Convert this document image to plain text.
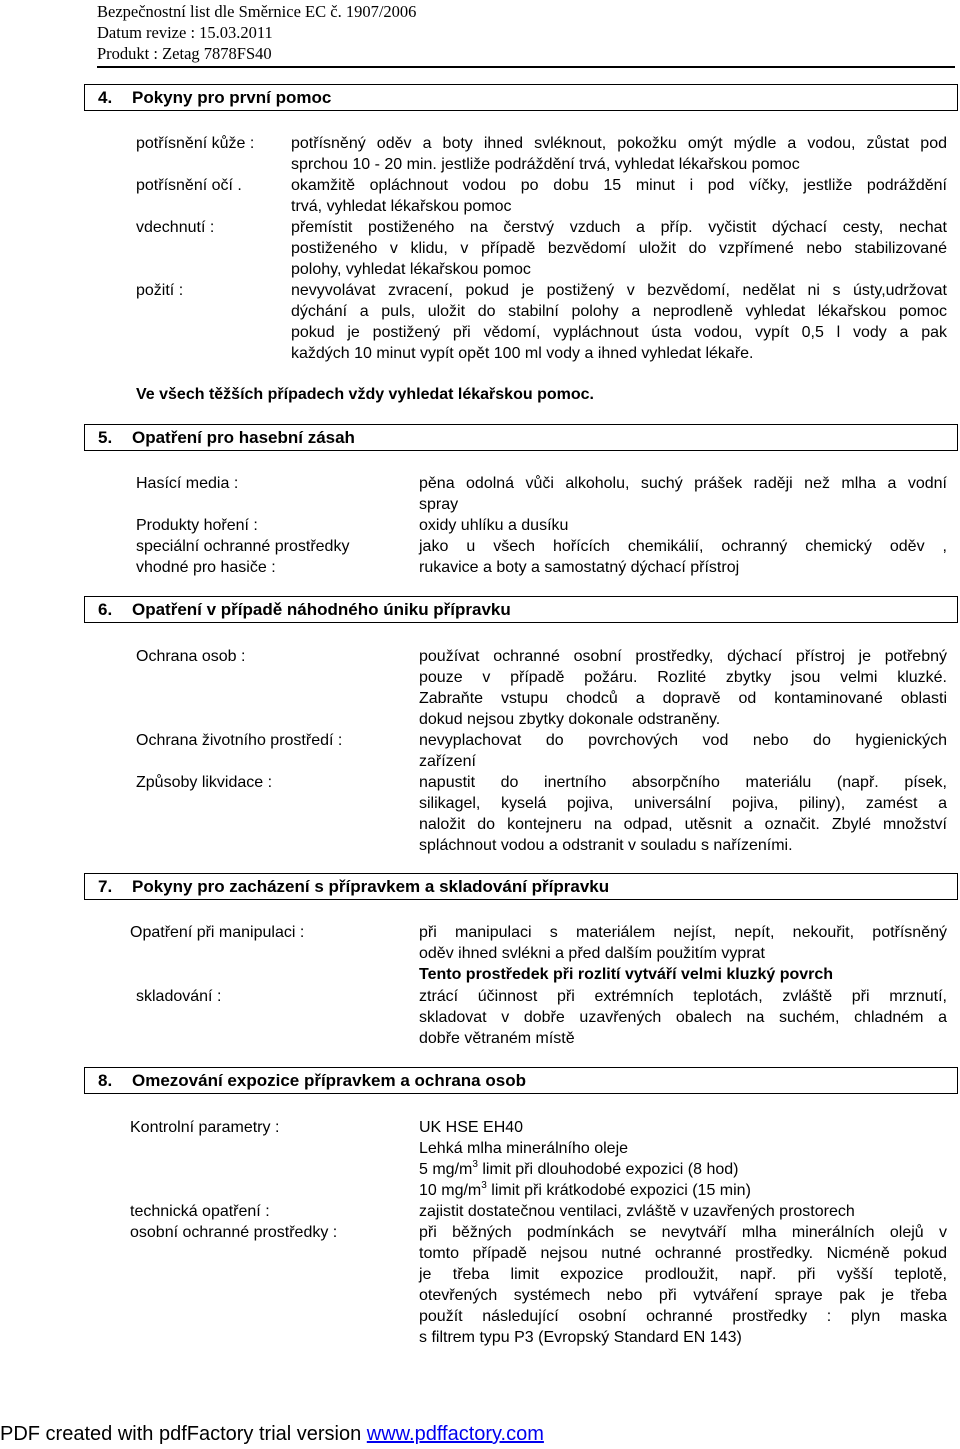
Bezpečnostní list dle Směrnice EC č. 1907/2006
Datum revize : 15.03.2011
Produkt : Zetag 7878FS40
4. Pokyny pro první pomoc
potřísnění kůže : potřísněný oděv a boty ihned svléknout, pokožku omýt mýdle a vodou, zůstat pod
sprchou 10 - 20 min. jestliže podráždění trvá, vyhledat lékařskou pomoc
potřísnění očí .	okamžitě opláchnout vodou po dobu 15 minut i pod víčky, jestliže podráždění
trvá, vyhledat lékařskou pomoc
vdechnutí :	přemístit postiženého na čerstvý vzduch a příp. vyčistit dýchací cesty, nechat
postiženého v klidu, v případě bezvědomí uložit do vzpřímené nebo stabilizované
polohy, vyhledat lékařskou pomoc
požití :	nevyvolávat zvracení, pokud je postižený v bezvědomí, nedělat ni s ústy,udržovat
dýchání a puls, uložit do stabilní polohy a neprodleně vyhledat lékařskou pomoc
pokud je postižený při vědomí, vypláchnout ústa vodou, vypít 0,5 l vody a pak
každých 10 minut vypít opět 100 ml vody a ihned vyhledat lékaře.
Ve všech těžších případech vždy vyhledat lékařskou pomoc.
5. Opatření pro hasební zásah
Hasící media :	pěna odolná vůči alkoholu, suchý prášek raději než mlha a vodní
spray
Produkty hoření :	oxidy uhlíku a dusíku
speciální ochranné prostředky	jako u všech hořících chemikálií, ochranný chemický oděv ,
vhodné pro hasiče :	rukavice a boty a samostatný dýchací přístroj
6. Opatření v případě náhodného úniku přípravku
Ochrana osob :	používat ochranné osobní prostředky, dýchací přístroj je potřebný
pouze v případě požáru. Rozlité zbytky jsou velmi kluzké.
Zabraňte vstupu chodců a dopravě od kontaminované oblasti
dokud nejsou zbytky dokonale odstraněny.
Ochrana životního prostředí :	nevyplachovat do povrchových vod nebo do hygienických
zařízení
Způsoby likvidace :	napustit do inertního absorpčního materiálu (např. písek,
silikagel, kyselá pojiva, universální pojiva, piliny), zamést a
naložit do kontejneru na odpad, utěsnit a označit. Zbylé množství
spláchnout vodou a odstranit v souladu s nařízeními.
7. Pokyny pro zacházení s přípravkem a skladování přípravku
Opatření při manipulaci :	při manipulaci s materiálem nejíst, nepít, nekouřit, potřísněný
oděv ihned svlékni a před dalším použitím vyprat
Tento prostředek při rozlití vytváří velmi kluzký povrch
skladování :	ztrácí účinnost při extrémních teplotách, zvláště při mrznutí,
skladovat v dobře uzavřených obalech na suchém, chladném a
dobře větraném místě
8. Omezování expozice přípravkem a ochrana osob
Kontrolní parametry :	UK HSE EH40
Lehká mlha minerálního oleje
5 $mg/m^3$ limit při dlouhodobé expozici (8 hod)
10 $mg/m^3$ limit při krátkodobé expozici (15 min)
technická opatření :	zajistit dostatečnou ventilaci, zvláště v uzavřených prostorech
osobní ochranné prostředky :	při běžných podmínkách se nevytváří mlha minerálních olejů v
tomto případě nejsou nutné ochranné prostředky. Nicméně pokud
je třeba limit expozice prodloužit, např. při vyšší teplotě,
otevřených systémech nebo při vytváření spraye pak je třeba
použít následující osobní ochranné prostředky : plyn maska
s filtrem typu P3 (Evropský Standard EN 143)
PDF created with pdfFactory trial version www.pdffactory.com
